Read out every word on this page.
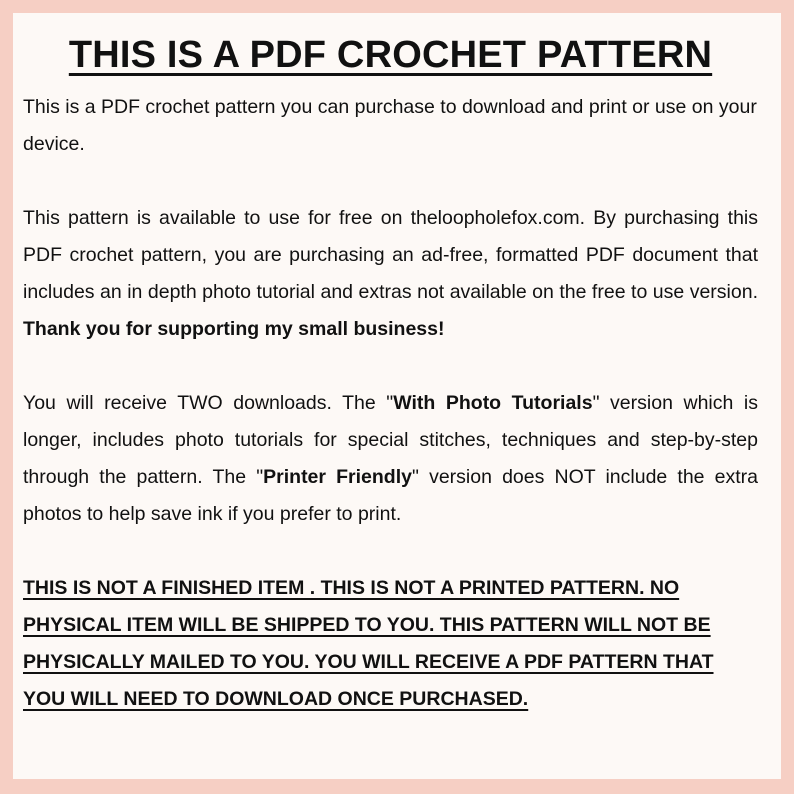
THIS IS A PDF CROCHET PATTERN

This is a PDF crochet pattern you can purchase to download and print or use on your device.

This pattern is available to use for free on theloopholefox.com. By purchasing this PDF crochet pattern, you are purchasing an ad-free, formatted PDF document that includes an in depth photo tutorial and extras not available on the free to use version. Thank you for supporting my small business!

You will receive TWO downloads. The "With Photo Tutorials" version which is longer, includes photo tutorials for special stitches, techniques and step-by-step through the pattern. The "Printer Friendly" version does NOT include the extra photos to help save ink if you prefer to print.

THIS IS NOT A FINISHED ITEM . THIS IS NOT A PRINTED PATTERN. NO PHYSICAL ITEM WILL BE SHIPPED TO YOU. THIS PATTERN WILL NOT BE PHYSICALLY MAILED TO YOU. YOU WILL RECEIVE A PDF PATTERN THAT YOU WILL NEED TO DOWNLOAD ONCE PURCHASED.
